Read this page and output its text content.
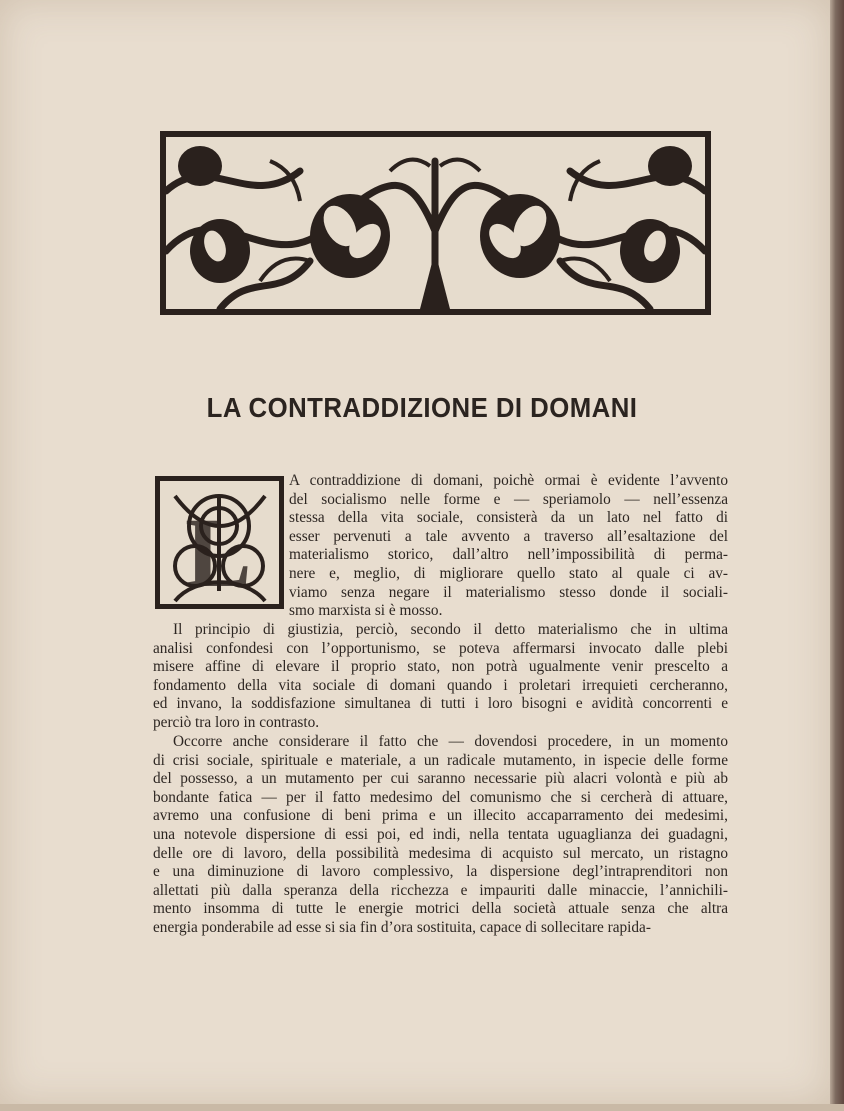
LA CONTRADDIZIONE DI DOMANI
L
A contraddizione di domani, poichè ormai è evidente l’avvento
del socialismo nelle forme e — speriamolo — nell’essenza
stessa della vita sociale, consisterà da un lato nel fatto di
esser pervenuti a tale avvento a traverso all’esaltazione del
materialismo storico, dall’altro nell’impossibilità di perma-
nere e, meglio, di migliorare quello stato al quale ci av-
viamo senza negare il materialismo stesso donde il sociali-
smo marxista si è mosso.
Il principio di giustizia, perciò, secondo il detto materialismo che in ultima
analisi confondesi con l’opportunismo, se poteva affermarsi invocato dalle plebi
misere affine di elevare il proprio stato, non potrà ugualmente venir prescelto a
fondamento della vita sociale di domani quando i proletari irrequieti cercheranno,
ed invano, la soddisfazione simultanea di tutti i loro bisogni e avidità concorrenti e
perciò tra loro in contrasto.
Occorre anche considerare il fatto che — dovendosi procedere, in un momento
di crisi sociale, spirituale e materiale, a un radicale mutamento, in ispecie delle forme
del possesso, a un mutamento per cui saranno necessarie più alacri volontà e più ab
bondante fatica — per il fatto medesimo del comunismo che si cercherà di attuare,
avremo una confusione di beni prima e un illecito accaparramento dei medesimi,
una notevole dispersione di essi poi, ed indi, nella tentata uguaglianza dei guadagni,
delle ore di lavoro, della possibilità medesima di acquisto sul mercato, un ristagno
e una diminuzione di lavoro complessivo, la dispersione degl’intraprenditori non
allettati più dalla speranza della ricchezza e impauriti dalle minaccie, l’annichili-
mento insomma di tutte le energie motrici della società attuale senza che altra
energia ponderabile ad esse si sia fin d’ora sostituita, capace di sollecitare rapida-
